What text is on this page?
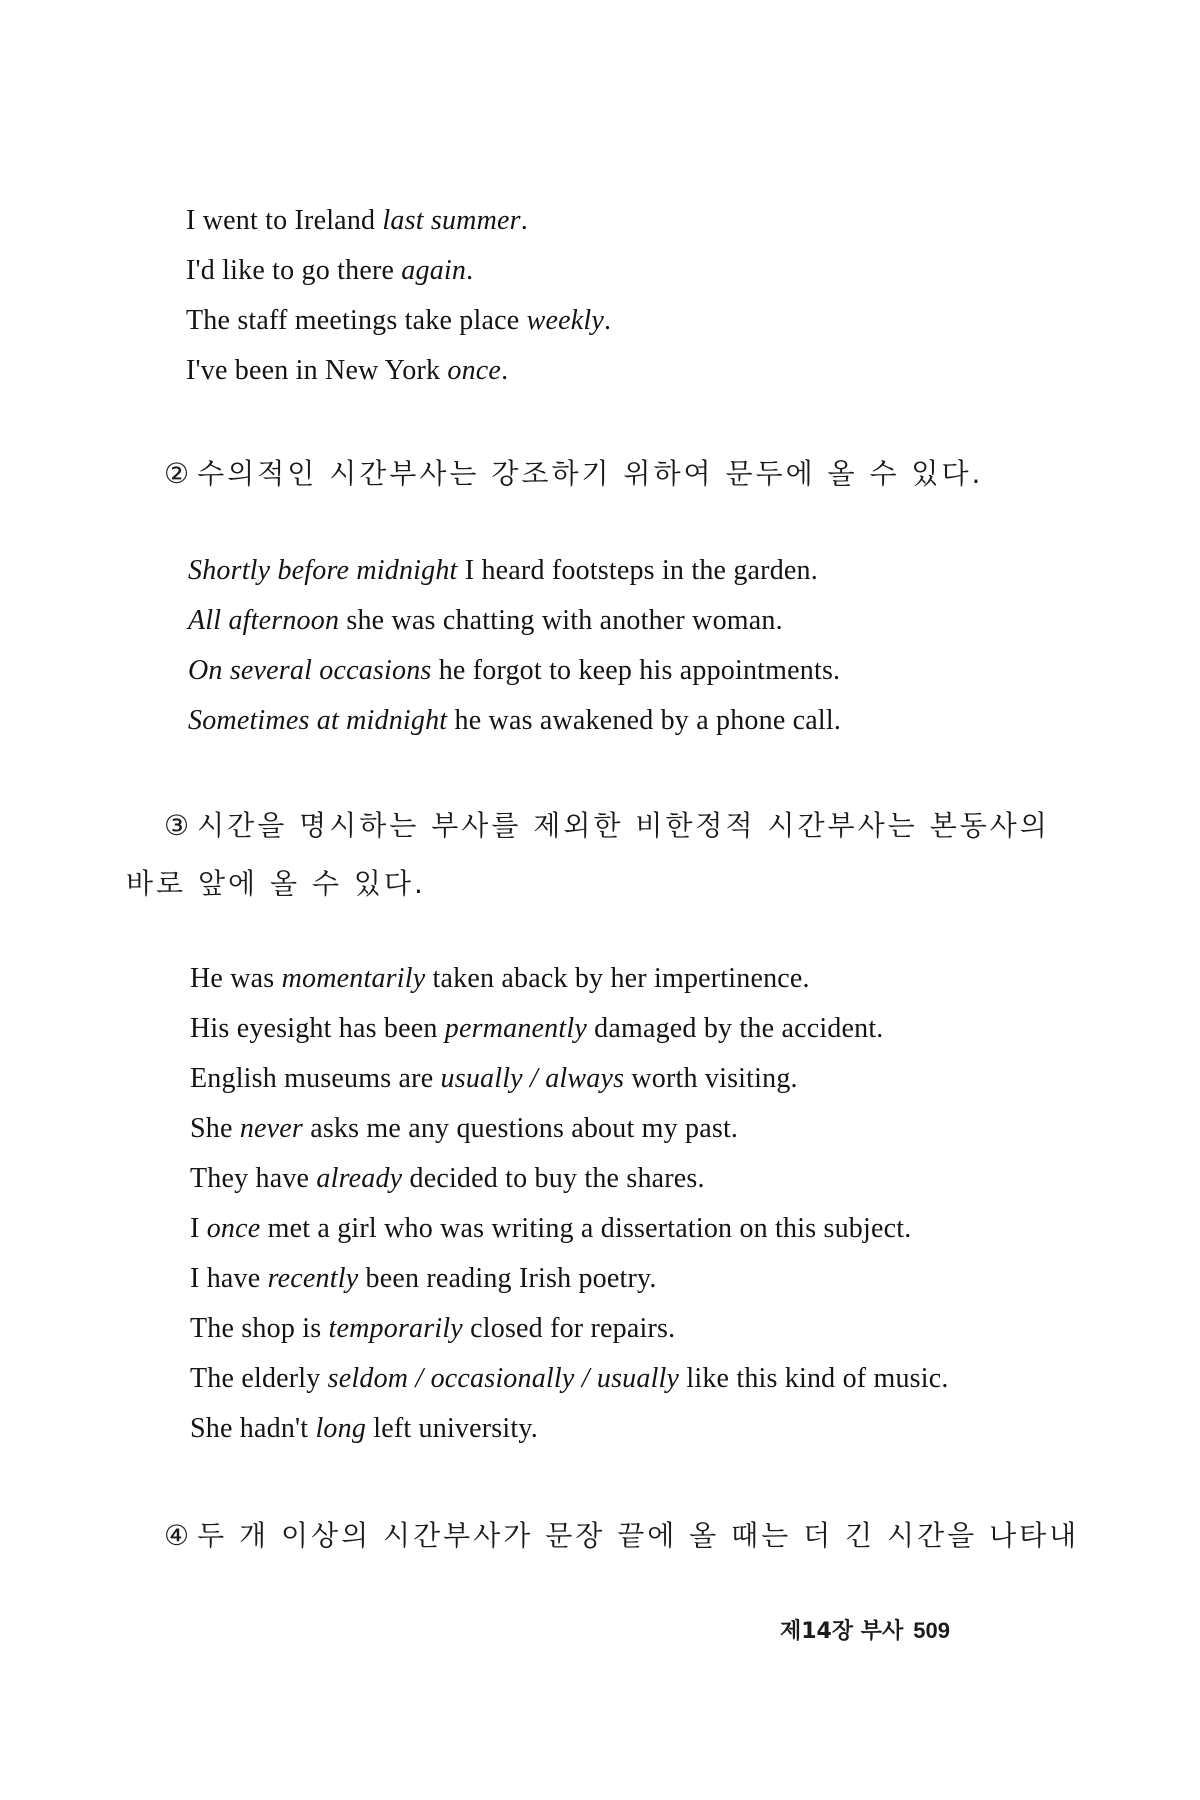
I went to Ireland last summer.
I'd like to go there again.
The staff meetings take place weekly.
I've been in New York once.
② 수의적인 시간부사는 강조하기 위하여 문두에 올 수 있다.
Shortly before midnight I heard footsteps in the garden.
All afternoon she was chatting with another woman.
On several occasions he forgot to keep his appointments.
Sometimes at midnight he was awakened by a phone call.
③ 시간을 명시하는 부사를 제외한 비한정적 시간부사는 본동사의
바로 앞에 올 수 있다.
He was momentarily taken aback by her impertinence.
His eyesight has been permanently damaged by the accident.
English museums are usually / always worth visiting.
She never asks me any questions about my past.
They have already decided to buy the shares.
I once met a girl who was writing a dissertation on this subject.
I have recently been reading Irish poetry.
The shop is temporarily closed for repairs.
The elderly seldom / occasionally / usually like this kind of music.
She hadn't long left university.
④ 두 개 이상의 시간부사가 문장 끝에 올 때는 더 긴 시간을 나타내
제14장 부사 509
